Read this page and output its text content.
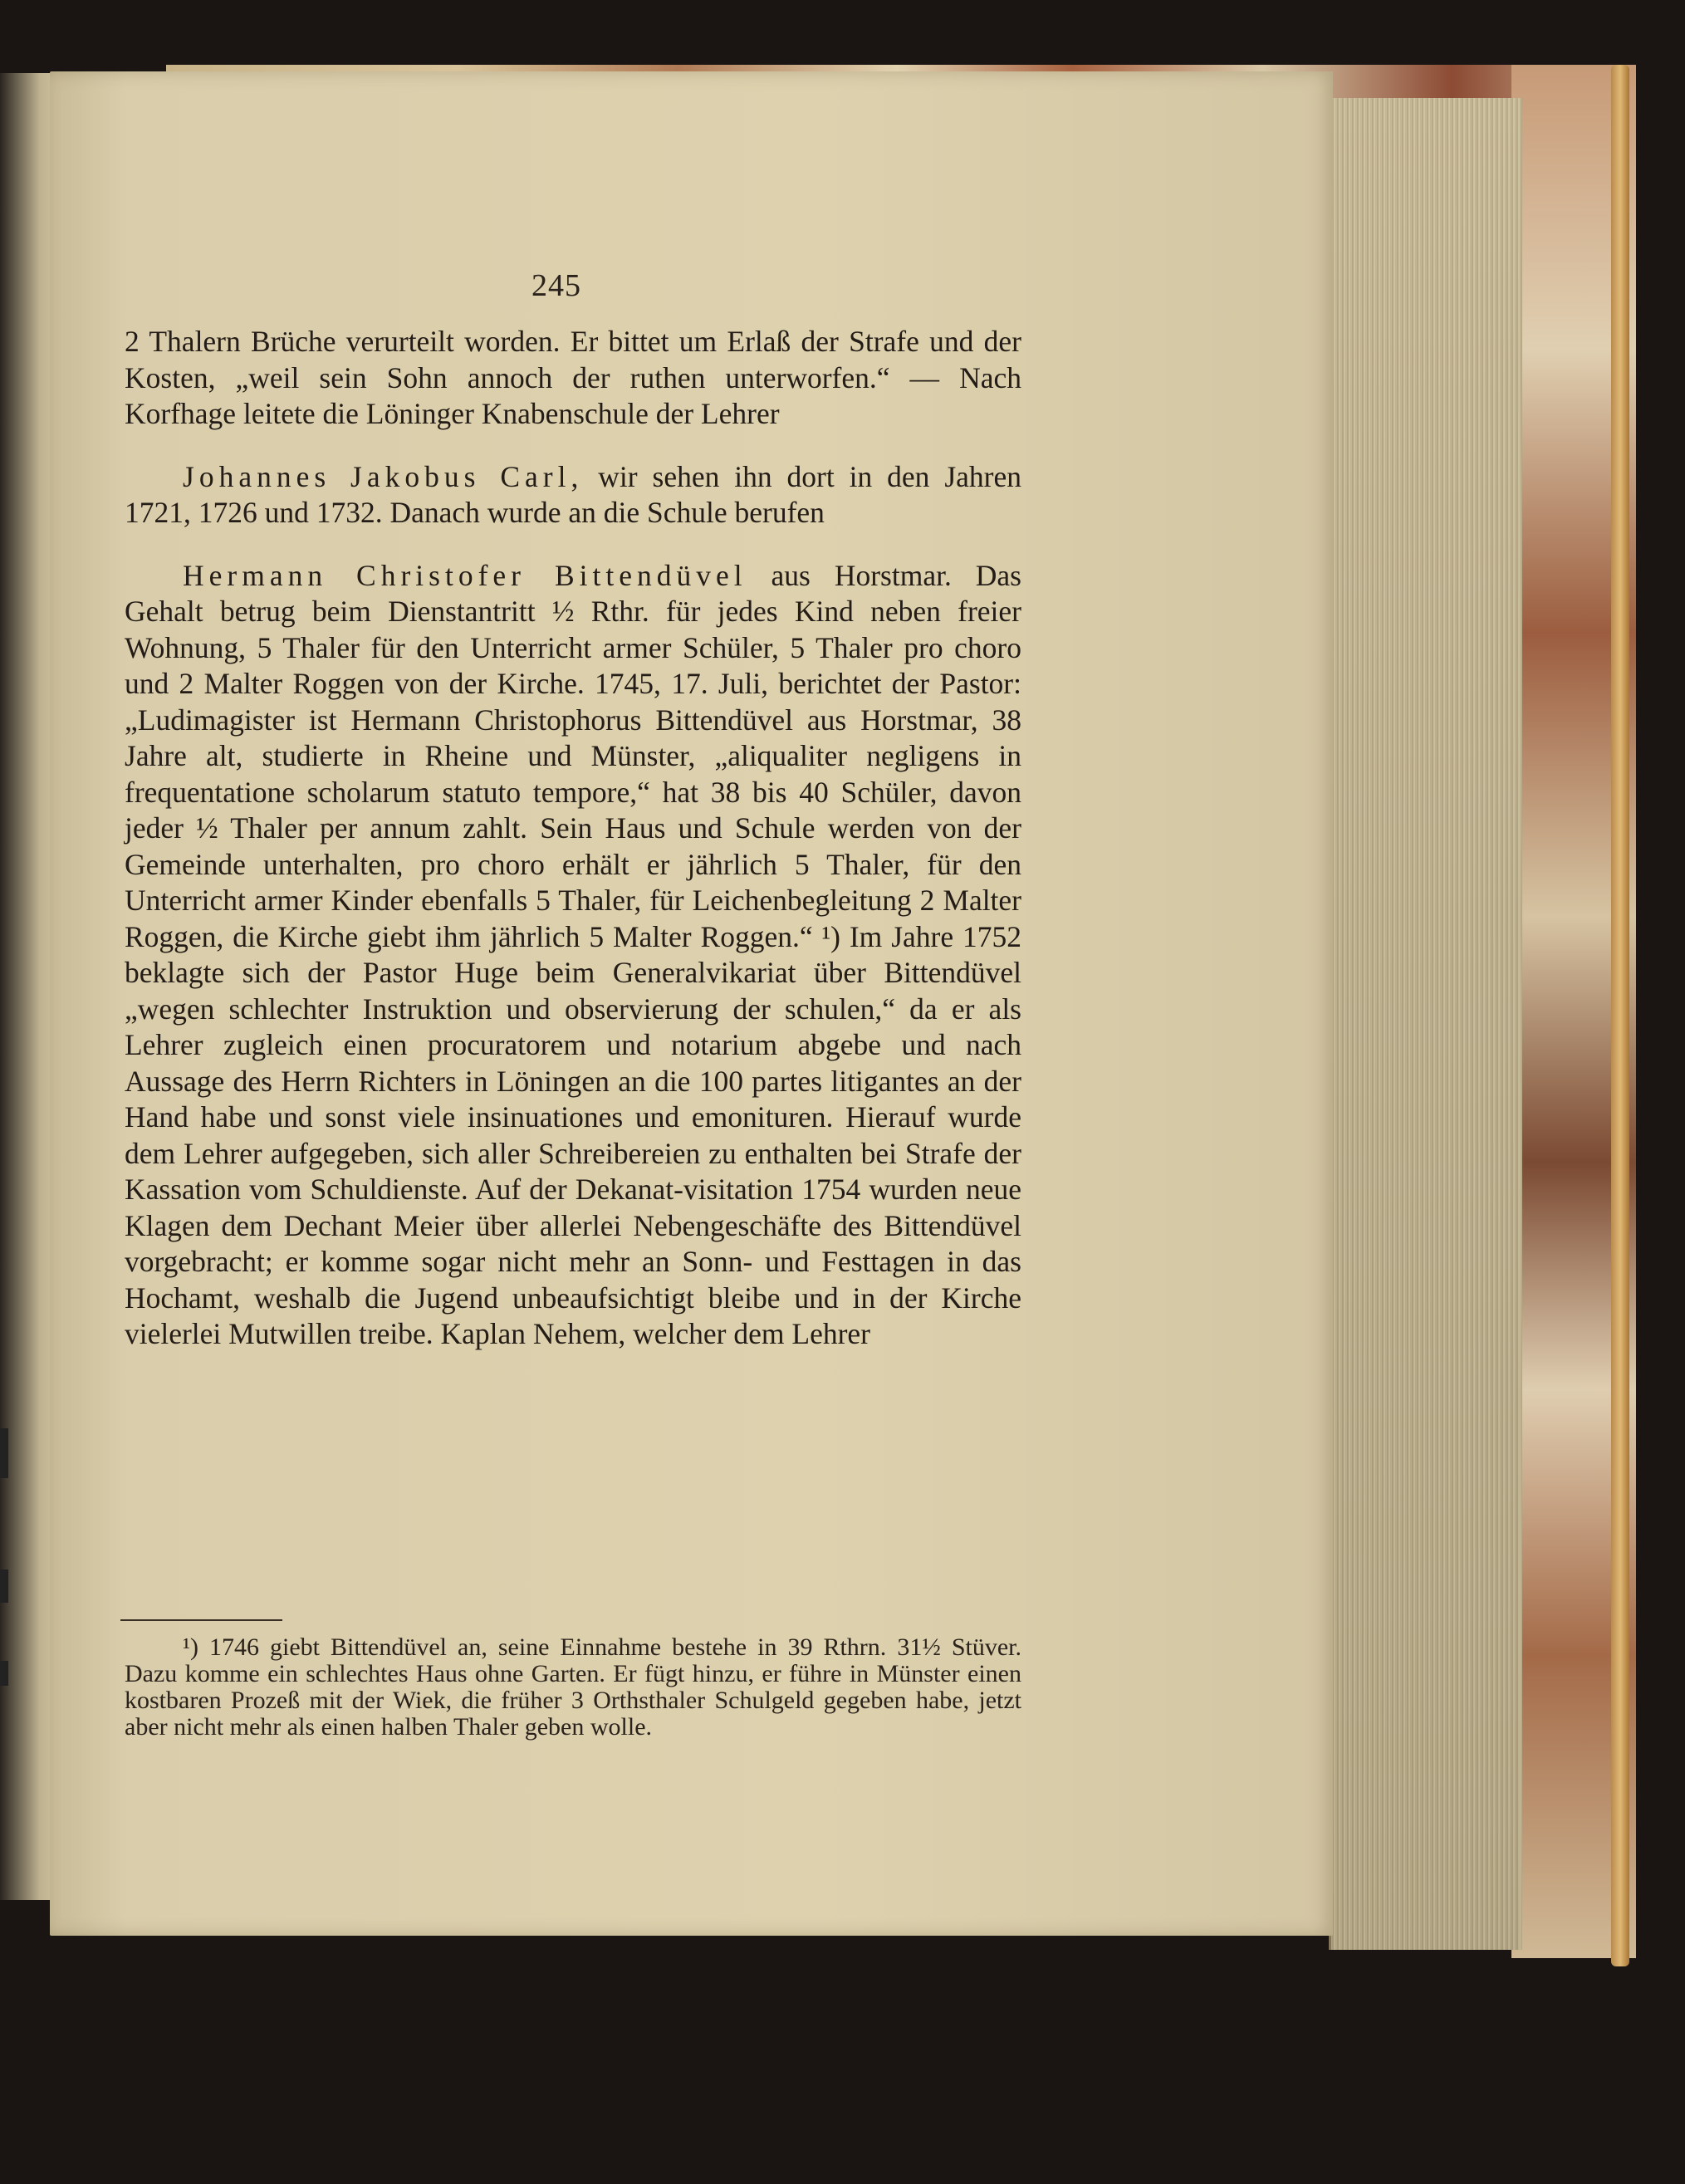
245

2 Thalern Brüche verurteilt worden. Er bittet um Erlaß der Strafe und der Kosten, „weil sein Sohn annoch der ruthen unterworfen.“ — Nach Korfhage leitete die Löninger Knabenschule der Lehrer

Johannes Jakobus Carl, wir sehen ihn dort in den Jahren 1721, 1726 und 1732. Danach wurde an die Schule berufen

Hermann Christofer Bittendüvel aus Horstmar. Das Gehalt betrug beim Dienstantritt ½ Rthr. für jedes Kind neben freier Wohnung, 5 Thaler für den Unterricht armer Schüler, 5 Thaler pro choro und 2 Malter Roggen von der Kirche. 1745, 17. Juli, berichtet der Pastor: „Ludimagister ist Hermann Christophorus Bittendüvel aus Horstmar, 38 Jahre alt, studierte in Rheine und Münster, „aliqualiter negligens in frequentatione scholarum statuto tempore,“ hat 38 bis 40 Schüler, davon jeder ½ Thaler per annum zahlt. Sein Haus und Schule werden von der Gemeinde unterhalten, pro choro erhält er jährlich 5 Thaler, für den Unterricht armer Kinder ebenfalls 5 Thaler, für Leichenbegleitung 2 Malter Roggen, die Kirche giebt ihm jährlich 5 Malter Roggen.“ ¹) Im Jahre 1752 beklagte sich der Pastor Huge beim Generalvikariat über Bittendüvel „wegen schlechter Instruktion und observierung der schulen,“ da er als Lehrer zugleich einen procuratorem und notarium abgebe und nach Aussage des Herrn Richters in Löningen an die 100 partes litigantes an der Hand habe und sonst viele insinuationes und emonituren. Hierauf wurde dem Lehrer aufgegeben, sich aller Schreibereien zu enthalten bei Strafe der Kassation vom Schuldienste. Auf der Dekanat-visitation 1754 wurden neue Klagen dem Dechant Meier über allerlei Nebengeschäfte des Bittendüvel vorgebracht; er komme sogar nicht mehr an Sonn- und Festtagen in das Hochamt, weshalb die Jugend unbeaufsichtigt bleibe und in der Kirche vielerlei Mutwillen treibe. Kaplan Nehem, welcher dem Lehrer

¹) 1746 giebt Bittendüvel an, seine Einnahme bestehe in 39 Rthrn. 31½ Stüver. Dazu komme ein schlechtes Haus ohne Garten. Er fügt hinzu, er führe in Münster einen kostbaren Prozeß mit der Wiek, die früher 3 Orthsthaler Schulgeld gegeben habe, jetzt aber nicht mehr als einen halben Thaler geben wolle.
